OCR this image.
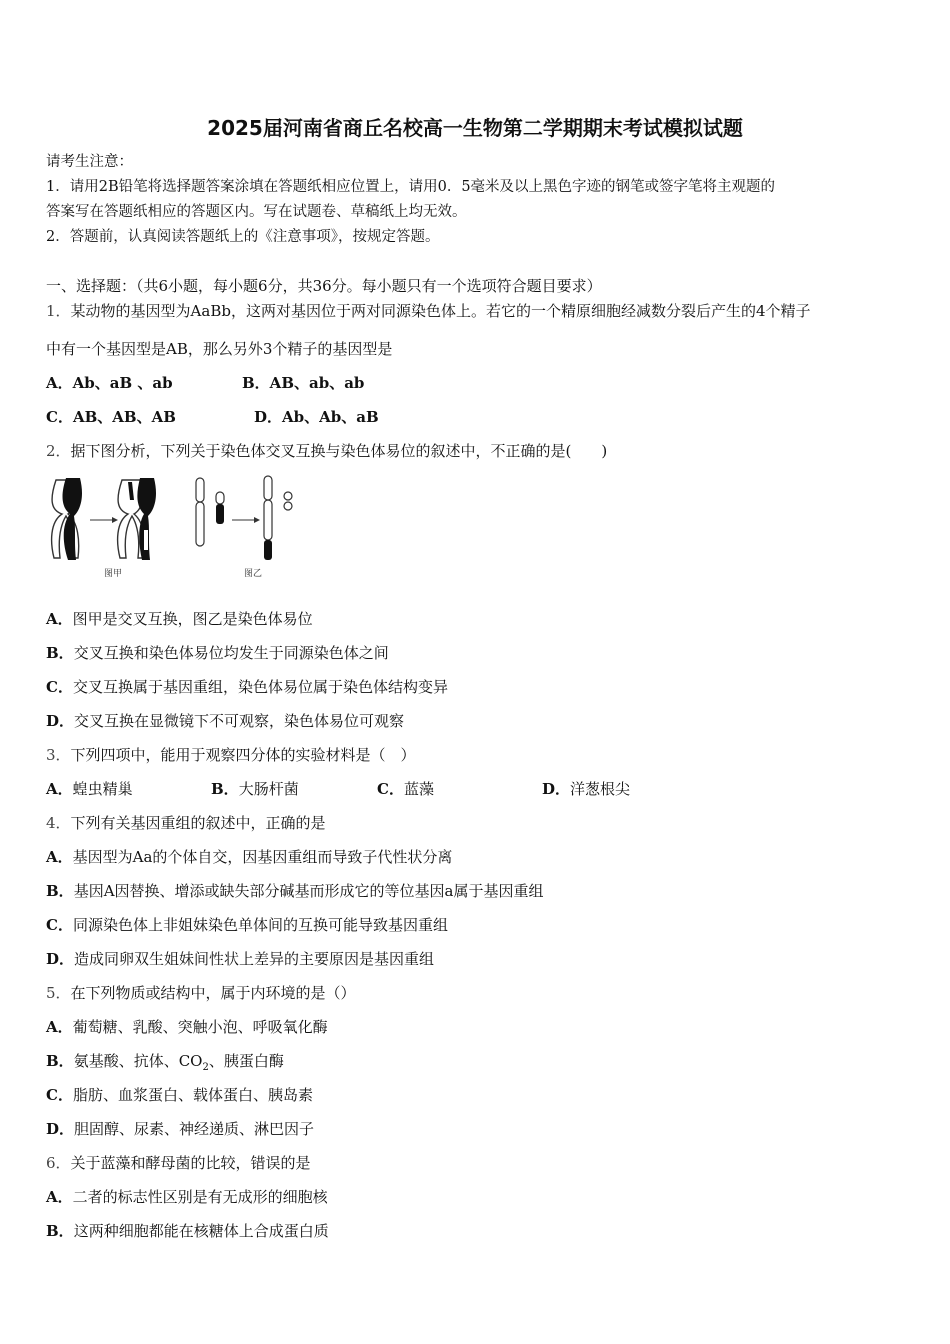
2025届河南省商丘名校高一生物第二学期期末考试模拟试题
请考生注意：
1．请用2B铅笔将选择题答案涂填在答题纸相应位置上，请用0．5毫米及以上黑色字迹的钢笔或签字笔将主观题的
答案写在答题纸相应的答题区内。写在试题卷、草稿纸上均无效。
2．答题前，认真阅读答题纸上的《注意事项》，按规定答题。
一、选择题：（共6小题，每小题6分，共36分。每小题只有一个选项符合题目要求）
1．某动物的基因型为AaBb，这两对基因位于两对同源染色体上。若它的一个精原细胞经减数分裂后产生的4个精子
中有一个基因型是AB，那么另外3个精子的基因型是
A．Ab、aB 、ab	B．AB、ab、ab
C．AB、AB、AB	D．Ab、Ab、aB
2．据下图分析，下列关于染色体交叉互换与染色体易位的叙述中，不正确的是(　　)
图甲	图乙
A．图甲是交叉互换，图乙是染色体易位
B．交叉互换和染色体易位均发生于同源染色体之间
C．交叉互换属于基因重组，染色体易位属于染色体结构变异
D．交叉互换在显微镜下不可观察，染色体易位可观察
3．下列四项中，能用于观察四分体的实验材料是（　）
A．蝗虫精巢	B．大肠杆菌	C．蓝藻	D．洋葱根尖
4．下列有关基因重组的叙述中，正确的是
A．基因型为Aa的个体自交，因基因重组而导致子代性状分离
B．基因A因替换、增添或缺失部分碱基而形成它的等位基因a属于基因重组
C．同源染色体上非姐妹染色单体间的互换可能导致基因重组
D．造成同卵双生姐妹间性状上差异的主要原因是基因重组
5．在下列物质或结构中，属于内环境的是（）
A．葡萄糖、乳酸、突触小泡、呼吸氧化酶
B．氨基酸、抗体、$CO_2$、胰蛋白酶
C．脂肪、血浆蛋白、载体蛋白、胰岛素
D．胆固醇、尿素、神经递质、淋巴因子
6．关于蓝藻和酵母菌的比较，错误的是
A．二者的标志性区别是有无成形的细胞核
B．这两种细胞都能在核糖体上合成蛋白质
